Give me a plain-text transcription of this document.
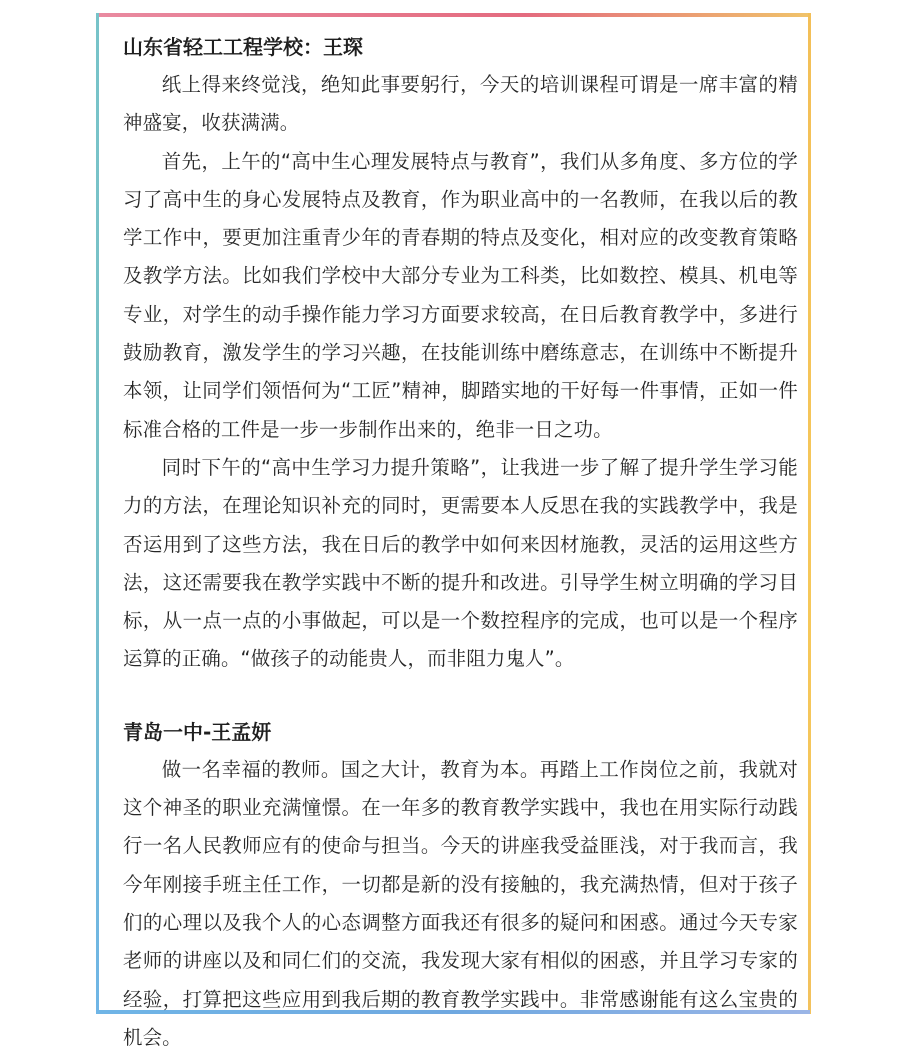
山东省轻工工程学校：王琛

纸上得来终觉浅，绝知此事要躬行，今天的培训课程可谓是一席丰富的精神盛宴，收获满满。

首先，上午的“高中生心理发展特点与教育”，我们从多角度、多方位的学习了高中生的身心发展特点及教育，作为职业高中的一名教师，在我以后的教学工作中，要更加注重青少年的青春期的特点及变化，相对应的改变教育策略及教学方法。比如我们学校中大部分专业为工科类，比如数控、模具、机电等专业，对学生的动手操作能力学习方面要求较高，在日后教育教学中，多进行鼓励教育，激发学生的学习兴趣，在技能训练中磨练意志，在训练中不断提升本领，让同学们领悟何为“工匠”精神，脚踏实地的干好每一件事情，正如一件标准合格的工件是一步一步制作出来的，绝非一日之功。

同时下午的“高中生学习力提升策略”，让我进一步了解了提升学生学习能力的方法，在理论知识补充的同时，更需要本人反思在我的实践教学中，我是否运用到了这些方法，我在日后的教学中如何来因材施教，灵活的运用这些方法，这还需要我在教学实践中不断的提升和改进。引导学生树立明确的学习目标，从一点一点的小事做起，可以是一个数控程序的完成，也可以是一个程序运算的正确。“做孩子的动能贵人，而非阻力鬼人”。

青岛一中-王孟妍

做一名幸福的教师。国之大计，教育为本。再踏上工作岗位之前，我就对这个神圣的职业充满憧憬。在一年多的教育教学实践中，我也在用实际行动践行一名人民教师应有的使命与担当。今天的讲座我受益匪浅，对于我而言，我今年刚接手班主任工作，一切都是新的没有接触的，我充满热情，但对于孩子们的心理以及我个人的心态调整方面我还有很多的疑问和困惑。通过今天专家老师的讲座以及和同仁们的交流，我发现大家有相似的困惑，并且学习专家的经验，打算把这些应用到我后期的教育教学实践中。非常感谢能有这么宝贵的机会。
